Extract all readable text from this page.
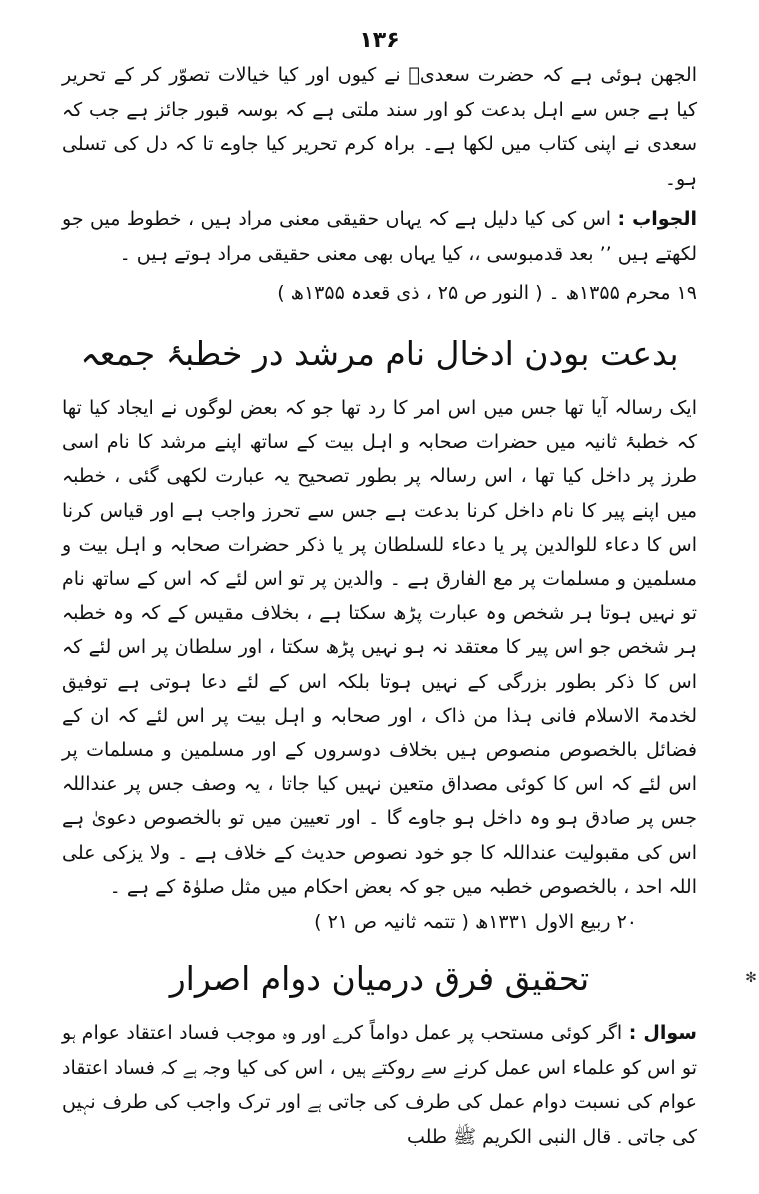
۱۳۶

الجھن ہوئی ہے کہ حضرت سعدیؒ نے کیوں اور کیا خیالات تصوّر کر کے تحریر کیا ہے جس سے اہل بدعت کو اور سند ملتی ہے کہ بوسہ قبور جائز ہے جب کہ سعدی نے اپنی کتاب میں لکھا ہے۔ براہ کرم تحریر کیا جاوے تا کہ دل کی تسلی ہو۔

الجواب : اس کی کیا دلیل ہے کہ یہاں حقیقی معنی مراد ہیں ، خطوط میں جو لکھتے ہیں ’’ بعد قدمبوسی ،، کیا یہاں بھی معنی حقیقی مراد ہوتے ہیں ۔

۱۹ محرم ۱۳۵۵ھ ۔ ( النور ص ۲۵ ، ذی قعدہ ۱۳۵۵ھ )
بدعت بودن ادخال نام مرشد در خطبۂ جمعہ

ایک رسالہ آیا تھا جس میں اس امر کا رد تھا جو کہ بعض لوگوں نے ایجاد کیا تھا کہ خطبۂ ثانیہ میں حضرات صحابہ و اہل بیت کے ساتھ اپنے مرشد کا نام اسی طرز پر داخل کیا تھا ، اس رسالہ پر بطور تصحیح یہ عبارت لکھی گئی ، خطبہ میں اپنے پیر کا نام داخل کرنا بدعت ہے جس سے تحرز واجب ہے اور قیاس کرنا اس کا دعاء للوالدین پر یا دعاء للسلطان پر یا ذکر حضرات صحابہ و اہل بیت و مسلمین و مسلمات پر مع الفارق ہے ۔ والدین پر تو اس لئے کہ اس کے ساتھ نام تو نہیں ہوتا ہر شخص وہ عبارت پڑھ سکتا ہے ، بخلاف مقیس کے کہ وہ خطبہ ہر شخص جو اس پیر کا معتقد نہ ہو نہیں پڑھ سکتا ، اور سلطان پر اس لئے کہ اس کا ذکر بطور بزرگی کے نہیں ہوتا بلکہ اس کے لئے دعا ہوتی ہے توفیق لخدمۃ الاسلام فانی ہذا من ذاک ، اور صحابہ و اہل بیت پر اس لئے کہ ان کے فضائل بالخصوص منصوص ہیں بخلاف دوسروں کے اور مسلمین و مسلمات پر اس لئے کہ اس کا کوئی مصداق متعین نہیں کیا جاتا ، یہ وصف جس پر عنداللہ جس پر صادق ہو وہ داخل ہو جاوے گا ۔ اور تعیین میں تو بالخصوص دعویٰ ہے اس کی مقبولیت عنداللہ کا جو خود نصوص حدیث کے خلاف ہے ۔ ولا یزکی علی اللہ احد ، بالخصوص خطبہ میں جو کہ بعض احکام میں مثل صلوٰۃ کے ہے ۔

۲۰ ربیع الاول ۱۳۳۱ھ ( تتمہ ثانیہ ص ۲۱ )
تحقیق فرق درمیان دوام اصرار

سوال : اگر کوئی مستحب پر عمل دواماً کرے اور وہ موجب فساد اعتقاد عوام ہو تو اس کو علماء اس عمل کرنے سے روکتے ہیں ، اس کی کیا وجہ ہے کہ فساد اعتقاد عوام کی نسبت دوام عمل کی طرف کی جاتی ہے اور ترک واجب کی طرف نہیں کی جاتی ۔ قال النبی الکریم ﷺ طلب

✻
